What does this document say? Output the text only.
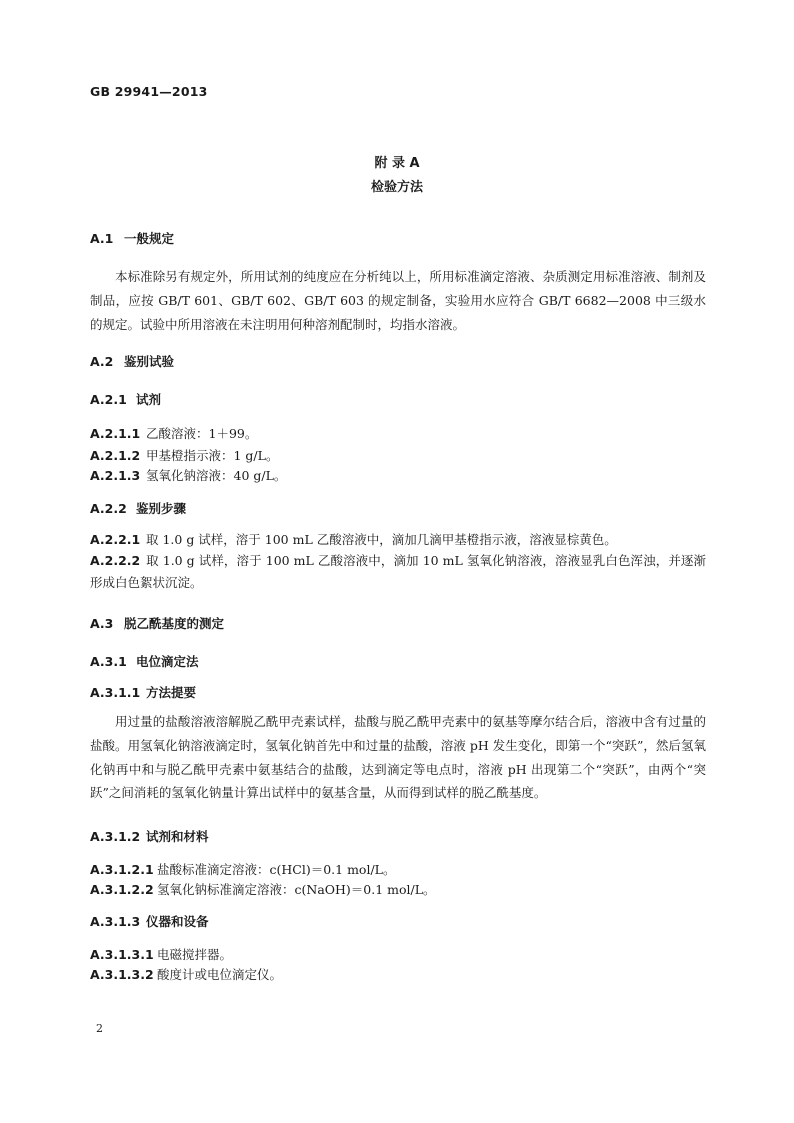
GB 29941—2013
附 录 A
检验方法
A.1 一般规定
本标准除另有规定外，所用试剂的纯度应在分析纯以上，所用标准滴定溶液、杂质测定用标准溶液、制剂及制品，应按 GB/T 601、GB/T 602、GB/T 603 的规定制备，实验用水应符合 GB/T 6682—2008 中三级水的规定。试验中所用溶液在未注明用何种溶剂配制时，均指水溶液。
A.2 鉴别试验
A.2.1 试剂
A.2.1.1 乙酸溶液：1＋99。
A.2.1.2 甲基橙指示液：1 g/L。
A.2.1.3 氢氧化钠溶液：40 g/L。
A.2.2 鉴别步骤
A.2.2.1 取 1.0 g 试样，溶于 100 mL 乙酸溶液中，滴加几滴甲基橙指示液，溶液显棕黄色。
A.2.2.2 取 1.0 g 试样，溶于 100 mL 乙酸溶液中，滴加 10 mL 氢氧化钠溶液，溶液显乳白色浑浊，并逐渐形成白色絮状沉淀。
A.3 脱乙酰基度的测定
A.3.1 电位滴定法
A.3.1.1 方法提要
用过量的盐酸溶液溶解脱乙酰甲壳素试样，盐酸与脱乙酰甲壳素中的氨基等摩尔结合后，溶液中含有过量的盐酸。用氢氧化钠溶液滴定时，氢氧化钠首先中和过量的盐酸，溶液 pH 发生变化，即第一个“突跃”，然后氢氧化钠再中和与脱乙酰甲壳素中氨基结合的盐酸，达到滴定等电点时，溶液 pH 出现第二个“突跃”，由两个“突跃”之间消耗的氢氧化钠量计算出试样中的氨基含量，从而得到试样的脱乙酰基度。
A.3.1.2 试剂和材料
A.3.1.2.1 盐酸标准滴定溶液：c(HCl)＝0.1 mol/L。
A.3.1.2.2 氢氧化钠标准滴定溶液：c(NaOH)＝0.1 mol/L。
A.3.1.3 仪器和设备
A.3.1.3.1 电磁搅拌器。
A.3.1.3.2 酸度计或电位滴定仪。
2
